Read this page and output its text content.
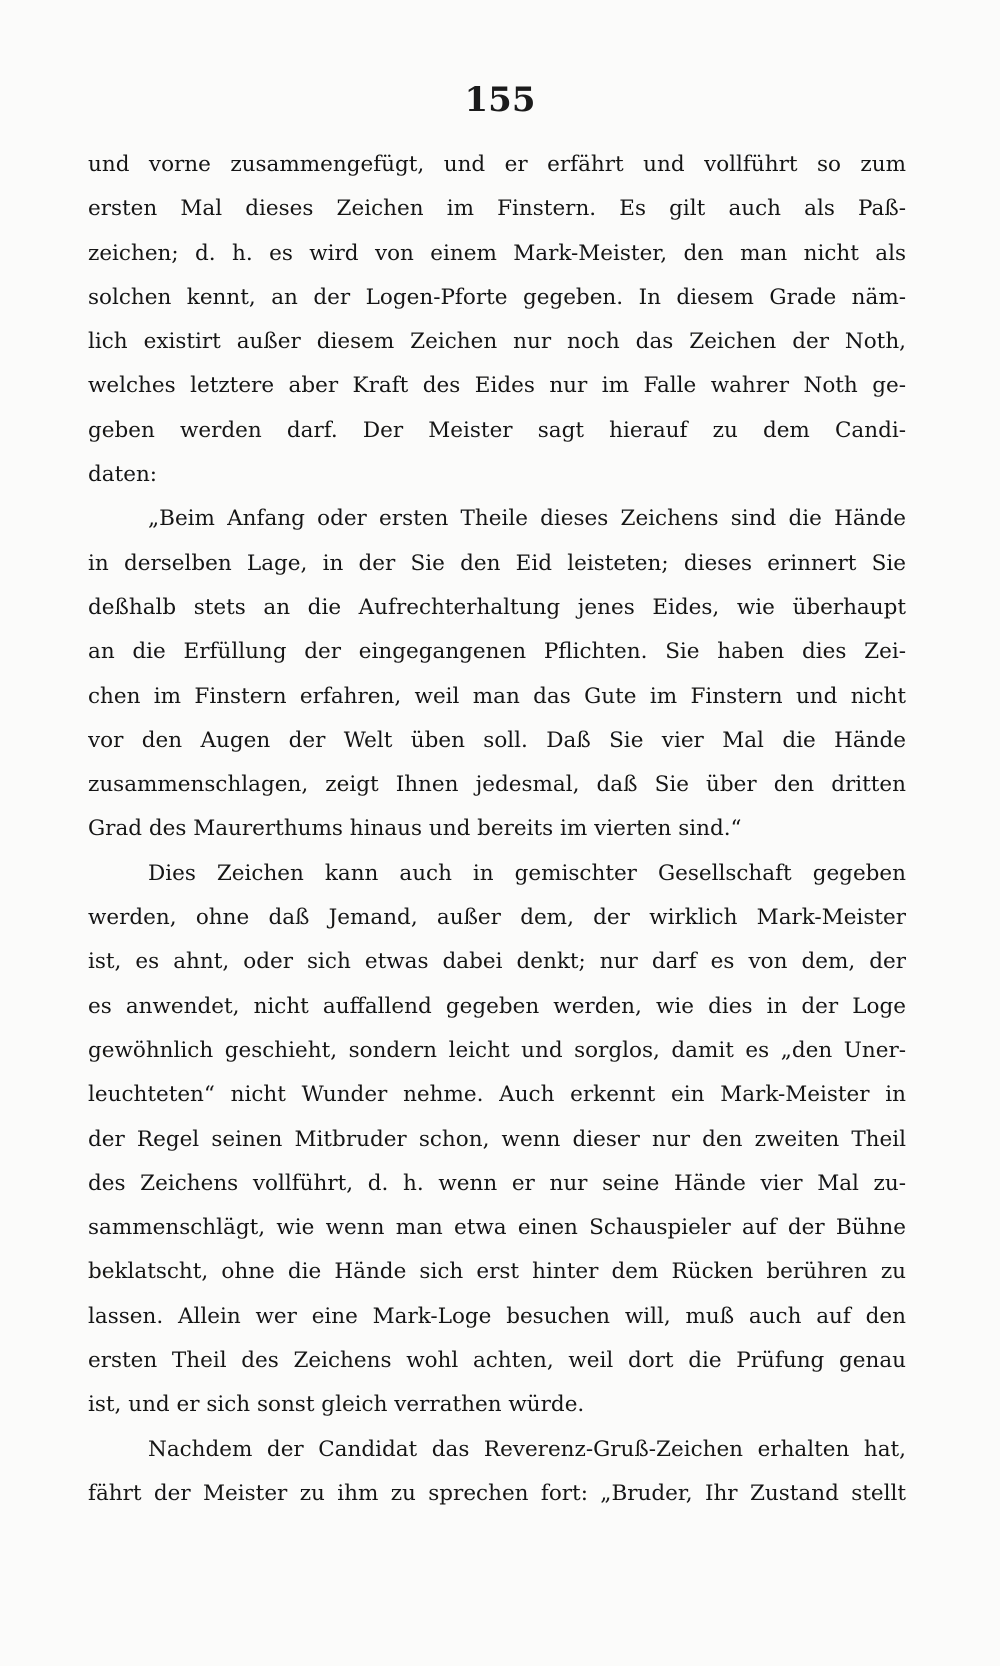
155
und vorne zusammengefügt, und er erfährt und vollführt so zum
ersten Mal dieses Zeichen im Finstern. Es gilt auch als Paß-
zeichen; d. h. es wird von einem Mark-Meister, den man nicht als
solchen kennt, an der Logen-Pforte gegeben. In diesem Grade näm-
lich existirt außer diesem Zeichen nur noch das Zeichen der Noth,
welches letztere aber Kraft des Eides nur im Falle wahrer Noth ge-
geben werden darf. Der Meister sagt hierauf zu dem Candi-
daten:
„Beim Anfang oder ersten Theile dieses Zeichens sind die Hände
in derselben Lage, in der Sie den Eid leisteten; dieses erinnert Sie
deßhalb stets an die Aufrechterhaltung jenes Eides, wie überhaupt
an die Erfüllung der eingegangenen Pflichten. Sie haben dies Zei-
chen im Finstern erfahren, weil man das Gute im Finstern und nicht
vor den Augen der Welt üben soll. Daß Sie vier Mal die Hände
zusammenschlagen, zeigt Ihnen jedesmal, daß Sie über den dritten
Grad des Maurerthums hinaus und bereits im vierten sind.“
Dies Zeichen kann auch in gemischter Gesellschaft gegeben
werden, ohne daß Jemand, außer dem, der wirklich Mark-Meister
ist, es ahnt, oder sich etwas dabei denkt; nur darf es von dem, der
es anwendet, nicht auffallend gegeben werden, wie dies in der Loge
gewöhnlich geschieht, sondern leicht und sorglos, damit es „den Uner-
leuchteten“ nicht Wunder nehme. Auch erkennt ein Mark-Meister in
der Regel seinen Mitbruder schon, wenn dieser nur den zweiten Theil
des Zeichens vollführt, d. h. wenn er nur seine Hände vier Mal zu-
sammenschlägt, wie wenn man etwa einen Schauspieler auf der Bühne
beklatscht, ohne die Hände sich erst hinter dem Rücken berühren zu
lassen. Allein wer eine Mark-Loge besuchen will, muß auch auf den
ersten Theil des Zeichens wohl achten, weil dort die Prüfung genau
ist, und er sich sonst gleich verrathen würde.
Nachdem der Candidat das Reverenz-Gruß-Zeichen erhalten hat,
fährt der Meister zu ihm zu sprechen fort: „Bruder, Ihr Zustand stellt
